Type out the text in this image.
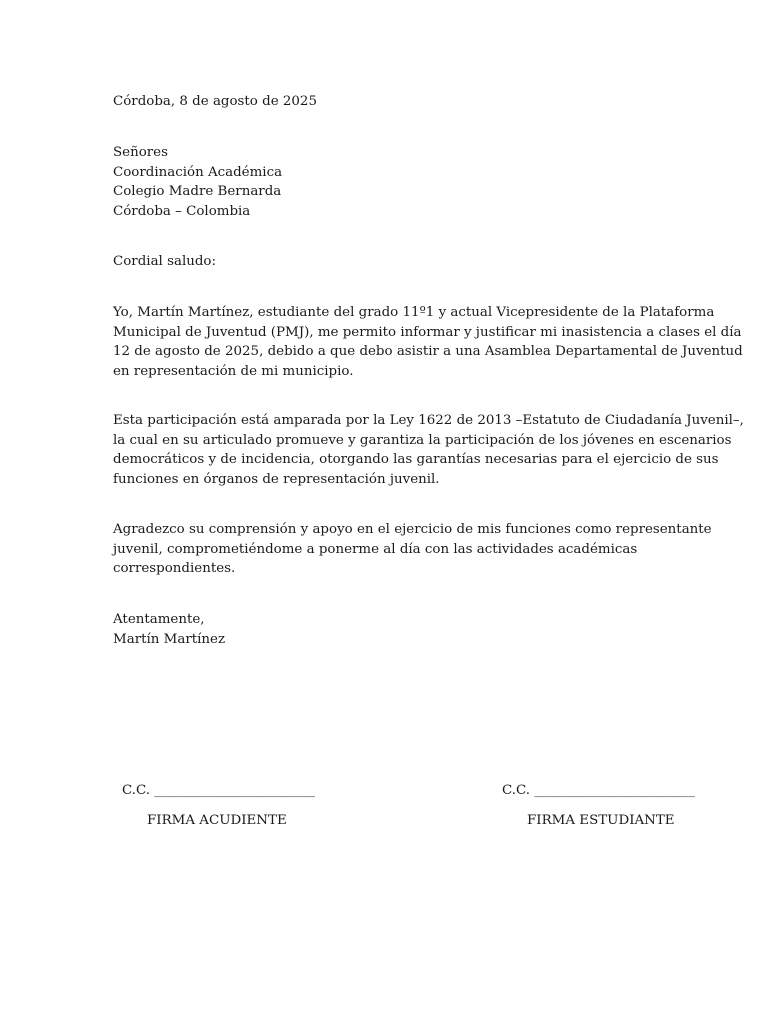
Córdoba, 8 de agosto de 2025
Señores
Coordinación Académica
Colegio Madre Bernarda
Córdoba – Colombia
Cordial saludo:
Yo, Martín Martínez, estudiante del grado 11º1 y actual Vicepresidente de la Plataforma
Municipal de Juventud (PMJ), me permito informar y justificar mi inasistencia a clases el día
12 de agosto de 2025, debido a que debo asistir a una Asamblea Departamental de Juventud
en representación de mi municipio.
Esta participación está amparada por la Ley 1622 de 2013 –Estatuto de Ciudadanía Juvenil–,
la cual en su articulado promueve y garantiza la participación de los jóvenes en escenarios
democráticos y de incidencia, otorgando las garantías necesarias para el ejercicio de sus
funciones en órganos de representación juvenil.
Agradezco su comprensión y apoyo en el ejercicio de mis funciones como representante
juvenil, comprometiéndome a ponerme al día con las actividades académicas
correspondientes.
Atentamente,
Martín Martínez
C.C. ________________________
FIRMA ACUDIENTE
C.C. ________________________
FIRMA ESTUDIANTE
